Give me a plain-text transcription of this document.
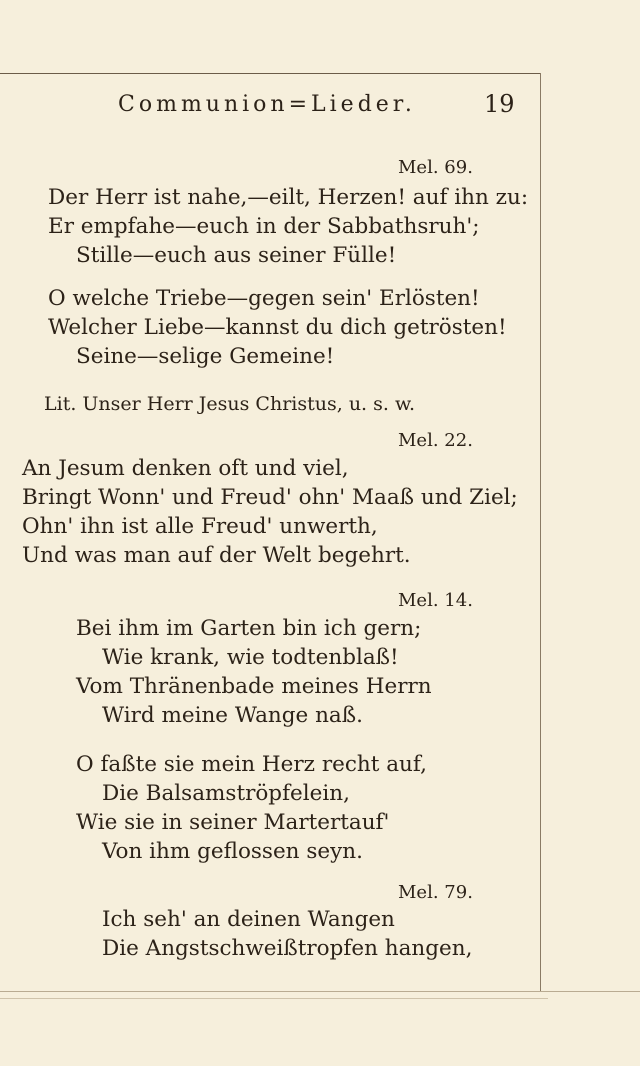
Communion=Lieder.	19
Mel. 69.
Der Herr ist nahe,—eilt, Herzen! auf ihn zu:
Er empfahe—euch in der Sabbathsruh';
Stille—euch aus seiner Fülle!
O welche Triebe—gegen sein' Erlösten!
Welcher Liebe—kannst du dich getrösten!
Seine—selige Gemeine!
Lit. Unser Herr Jesus Christus, u. s. w.
Mel. 22.
An Jesum denken oft und viel,
Bringt Wonn' und Freud' ohn' Maaß und Ziel;
Ohn' ihn ist alle Freud' unwerth,
Und was man auf der Welt begehrt.
Mel. 14.
Bei ihm im Garten bin ich gern;
Wie krank, wie todtenblaß!
Vom Thränenbade meines Herrn
Wird meine Wange naß.
O faßte sie mein Herz recht auf,
Die Balsamströpfelein,
Wie sie in seiner Martertauf'
Von ihm geflossen seyn.
Mel. 79.
Ich seh' an deinen Wangen
Die Angstschweißtropfen hangen,
